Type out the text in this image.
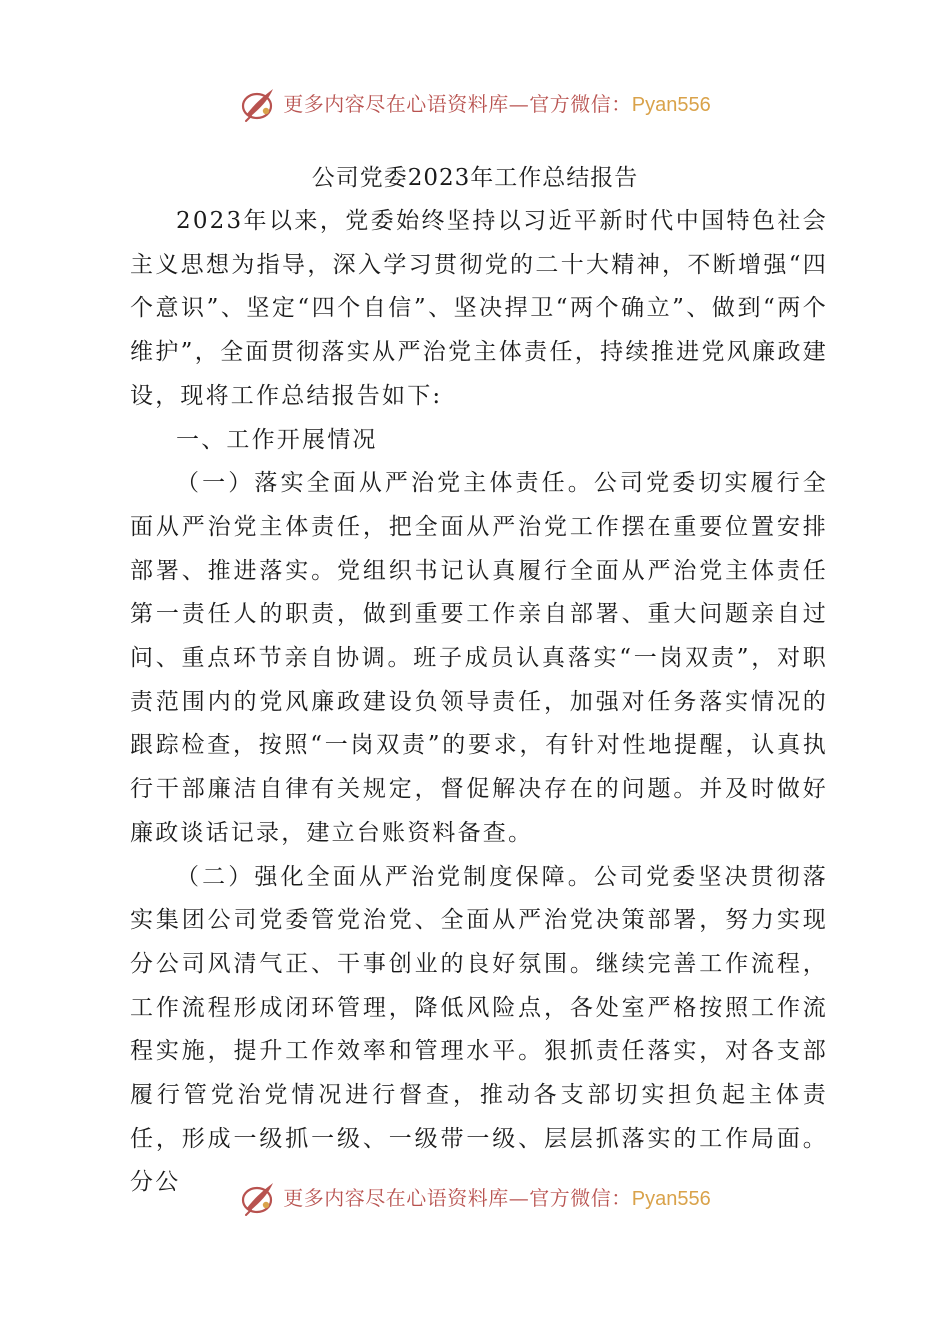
更多内容尽在心语资料库—官方微信：Pyan556
公司党委2023年工作总结报告

2023年以来，党委始终坚持以习近平新时代中国特色社会主义思想为指导，深入学习贯彻党的二十大精神，不断增强“四个意识”、坚定“四个自信”、坚决捍卫“两个确立”、做到“两个维护”，全面贯彻落实从严治党主体责任，持续推进党风廉政建设，现将工作总结报告如下:

一、工作开展情况

（一）落实全面从严治党主体责任。公司党委切实履行全面从严治党主体责任，把全面从严治党工作摆在重要位置安排部署、推进落实。党组织书记认真履行全面从严治党主体责任第一责任人的职责，做到重要工作亲自部署、重大问题亲自过问、重点环节亲自协调。班子成员认真落实“一岗双责”，对职责范围内的党风廉政建设负领导责任，加强对任务落实情况的跟踪检查，按照“一岗双责”的要求，有针对性地提醒，认真执行干部廉洁自律有关规定，督促解决存在的问题。并及时做好廉政谈话记录，建立台账资料备查。

（二）强化全面从严治党制度保障。公司党委坚决贯彻落实集团公司党委管党治党、全面从严治党决策部署，努力实现分公司风清气正、干事创业的良好氛围。继续完善工作流程，工作流程形成闭环管理，降低风险点，各处室严格按照工作流程实施，提升工作效率和管理水平。狠抓责任落实，对各支部履行管党治党情况进行督查，推动各支部切实担负起主体责任，形成一级抓一级、一级带一级、层层抓落实的工作局面。分公

更多内容尽在心语资料库—官方微信：Pyan556
